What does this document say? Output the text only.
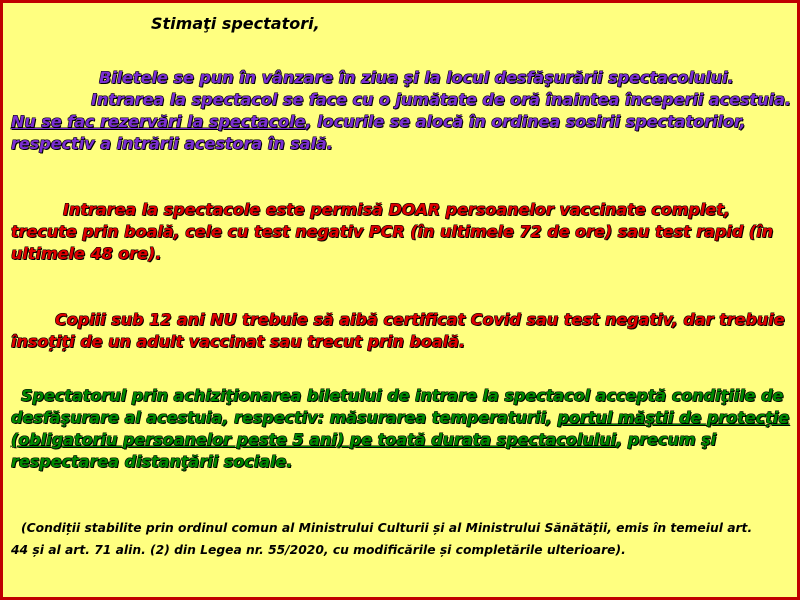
Stimaţi spectatori,

Biletele se pun în vânzare în ziua şi la locul desfăşurării spectacolului.

Intrarea la spectacol se face cu o jumătate de oră înaintea începerii acestuia.

Nu se fac rezervări la spectacole, locurile se alocă în ordinea sosirii spectatorilor,

respectiv a intrării acestora în sală.

Intrarea la spectacole este permisă DOAR persoanelor vaccinate complet,

trecute prin boală, cele cu test negativ PCR (în ultimele 72 de ore) sau test rapid (în

ultimele 48 ore).

Copiii sub 12 ani NU trebuie să aibă certificat Covid sau test negativ, dar trebuie

însoțiți de un adult vaccinat sau trecut prin boală.

Spectatorul prin achiziţionarea biletului de intrare la spectacol acceptă condiţiile de

desfăşurare al acestuia, respectiv: măsurarea temperaturii, portul măştii de protecție

(obligatoriu persoanelor peste 5 ani) pe toată durata spectacolului, precum şi

respectarea distanţării sociale.

(Condiții stabilite prin ordinul comun al Ministrului Culturii și al Ministrului Sănătății, emis în temeiul art.

44 și al art. 71 alin. (2) din Legea nr. 55/2020, cu modificările și completările ulterioare).
